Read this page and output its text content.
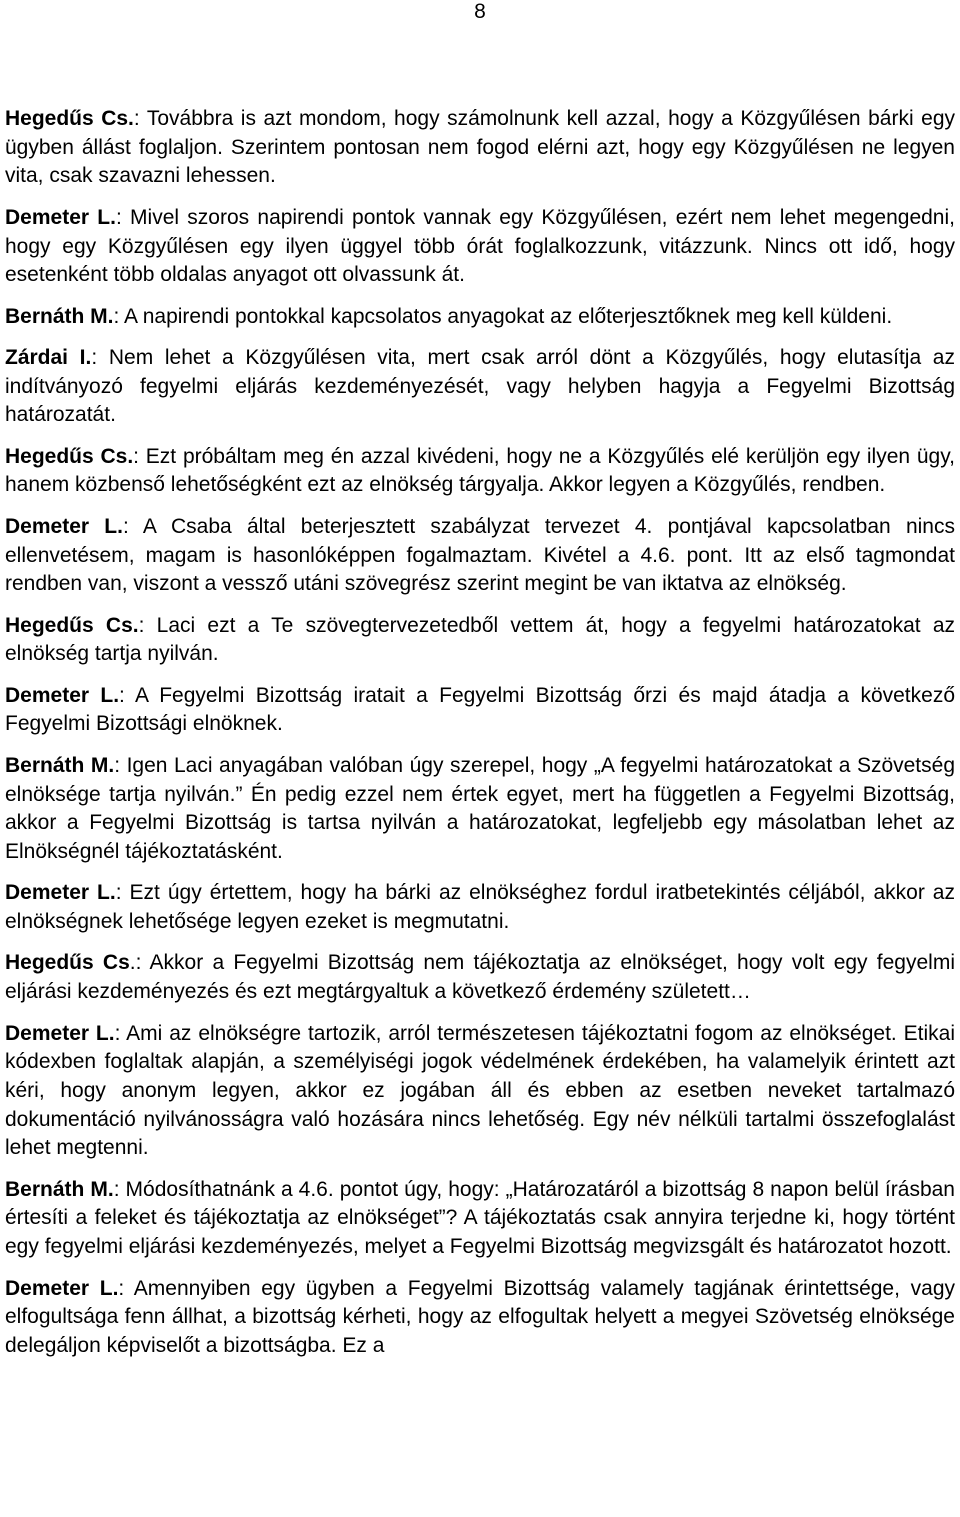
8

Hegedűs Cs.: Továbbra is azt mondom, hogy számolnunk kell azzal, hogy a Közgyűlésen bárki egy ügyben állást foglaljon. Szerintem pontosan nem fogod elérni azt, hogy egy Közgyűlésen ne legyen vita, csak szavazni lehessen.

Demeter L.: Mivel szoros napirendi pontok vannak egy Közgyűlésen, ezért nem lehet megengedni, hogy egy Közgyűlésen egy ilyen üggyel több órát foglalkozzunk, vitázzunk. Nincs ott idő, hogy esetenként több oldalas anyagot ott olvassunk át.

Bernáth M.: A napirendi pontokkal kapcsolatos anyagokat az előterjesztőknek meg kell küldeni.

Zárdai I.: Nem lehet a Közgyűlésen vita, mert csak arról dönt a Közgyűlés, hogy elutasítja az indítványozó fegyelmi eljárás kezdeményezését, vagy helyben hagyja a Fegyelmi Bizottság határozatát.

Hegedűs Cs.: Ezt próbáltam meg én azzal kivédeni, hogy ne a Közgyűlés elé kerüljön egy ilyen ügy, hanem közbenső lehetőségként ezt az elnökség tárgyalja. Akkor legyen a Közgyűlés, rendben.

Demeter L.: A Csaba által beterjesztett szabályzat tervezet 4. pontjával kapcsolatban nincs ellenvetésem, magam is hasonlóképpen fogalmaztam. Kivétel a 4.6. pont. Itt az első tagmondat rendben van, viszont a vessző utáni szövegrész szerint megint be van iktatva az elnökség.

Hegedűs Cs.: Laci ezt a Te szövegtervezetedből vettem át, hogy a fegyelmi határozatokat az elnökség tartja nyilván.

Demeter L.: A Fegyelmi Bizottság iratait a Fegyelmi Bizottság őrzi és majd átadja a következő Fegyelmi Bizottsági elnöknek.

Bernáth M.: Igen Laci anyagában valóban úgy szerepel, hogy „A fegyelmi határozatokat a Szövetség elnöksége tartja nyilván.” Én pedig ezzel nem értek egyet, mert ha független a Fegyelmi Bizottság, akkor a Fegyelmi Bizottság is tartsa nyilván a határozatokat, legfeljebb egy másolatban lehet az Elnökségnél tájékoztatásként.

Demeter L.: Ezt úgy értettem, hogy ha bárki az elnökséghez fordul iratbetekintés céljából, akkor az elnökségnek lehetősége legyen ezeket is megmutatni.

Hegedűs Cs.: Akkor a Fegyelmi Bizottság nem tájékoztatja az elnökséget, hogy volt egy fegyelmi eljárási kezdeményezés és ezt megtárgyaltuk a következő érdemény született…

Demeter L.: Ami az elnökségre tartozik, arról természetesen tájékoztatni fogom az elnökséget. Etikai kódexben foglaltak alapján, a személyiségi jogok védelmének érdekében, ha valamelyik érintett azt kéri, hogy anonym legyen, akkor ez jogában áll és ebben az esetben neveket tartalmazó dokumentáció nyilvánosságra való hozására nincs lehetőség. Egy név nélküli tartalmi összefoglalást lehet megtenni.

Bernáth M.: Módosíthatnánk a 4.6. pontot úgy, hogy: „Határozatáról a bizottság 8 napon belül írásban értesíti a feleket és tájékoztatja az elnökséget”? A tájékoztatás csak annyira terjedne ki, hogy történt egy fegyelmi eljárási kezdeményezés, melyet a Fegyelmi Bizottság megvizsgált és határozatot hozott.

Demeter L.: Amennyiben egy ügyben a Fegyelmi Bizottság valamely tagjának érintettsége, vagy elfogultsága fenn állhat, a bizottság kérheti, hogy az elfogultak helyett a megyei Szövetség elnöksége delegáljon képviselőt a bizottságba. Ez a
